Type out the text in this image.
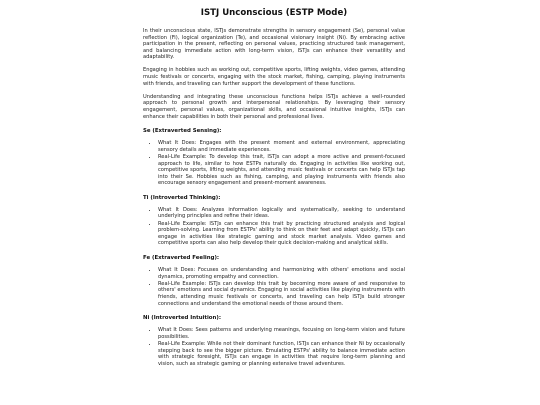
ISTJ Unconscious (ESTP Mode)

In their unconscious state, ISTJs demonstrate strengths in sensory engagement (Se), personal value reflection (Fi), logical organization (Te), and occasional visionary insight (Ni). By embracing active participation in the present, reflecting on personal values, practicing structured task management, and balancing immediate action with long-term vision, ISTJs can enhance their versatility and adaptability.

Engaging in hobbies such as working out, competitive sports, lifting weights, video games, attending music festivals or concerts, engaging with the stock market, fishing, camping, playing instruments with friends, and traveling can further support the development of these functions.

Understanding and integrating these unconscious functions helps ISTJs achieve a well-rounded approach to personal growth and interpersonal relationships. By leveraging their sensory engagement, personal values, organizational skills, and occasional intuitive insights, ISTJs can enhance their capabilities in both their personal and professional lives.

Se (Extraverted Sensing):
• What It Does: Engages with the present moment and external environment, appreciating sensory details and immediate experiences.
• Real-Life Example: To develop this trait, ISTJs can adopt a more active and present-focused approach to life, similar to how ESTPs naturally do. Engaging in activities like working out, competitive sports, lifting weights, and attending music festivals or concerts can help ISTJs tap into their Se. Hobbies such as fishing, camping, and playing instruments with friends also encourage sensory engagement and present-moment awareness.
Ti (Introverted Thinking):
• What It Does: Analyzes information logically and systematically, seeking to understand underlying principles and refine their ideas.
• Real-Life Example: ISTJs can enhance this trait by practicing structured analysis and logical problem-solving. Learning from ESTPs' ability to think on their feet and adapt quickly, ISTJs can engage in activities like strategic gaming and stock market analysis. Video games and competitive sports can also help develop their quick decision-making and analytical skills.
Fe (Extraverted Feeling):
• What It Does: Focuses on understanding and harmonizing with others' emotions and social dynamics, promoting empathy and connection.
• Real-Life Example: ISTJs can develop this trait by becoming more aware of and responsive to others' emotions and social dynamics. Engaging in social activities like playing instruments with friends, attending music festivals or concerts, and traveling can help ISTJs build stronger connections and understand the emotional needs of those around them.
Ni (Introverted Intuition):
• What It Does: Sees patterns and underlying meanings, focusing on long-term vision and future possibilities.
• Real-Life Example: While not their dominant function, ISTJs can enhance their Ni by occasionally stepping back to see the bigger picture. Emulating ESTPs' ability to balance immediate action with strategic foresight, ISTJs can engage in activities that require long-term planning and vision, such as strategic gaming or planning extensive travel adventures.
